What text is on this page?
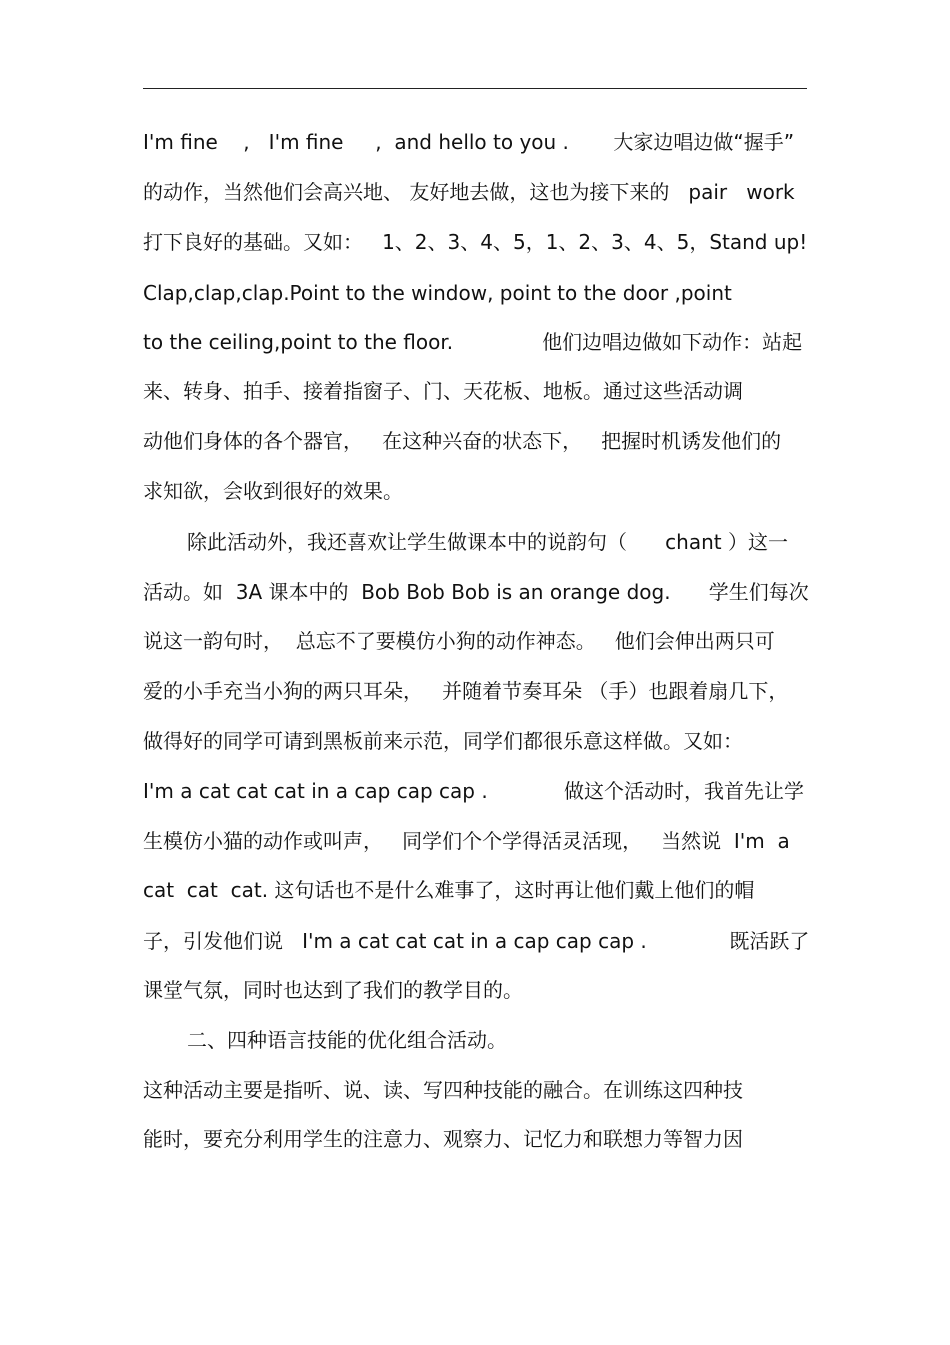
I'm fine    ,   I'm fine     ,  and hello to you .       大家边唱边做“握手”
的动作，当然他们会高兴地、 友好地去做，这也为接下来的   pair   work
打下良好的基础。又如：   1、2、3、4、5，1、2、3、4、5，Stand up!
Clap,clap,clap.Point to the window, point to the door ,point
to the ceiling,point to the floor.              他们边唱边做如下动作：站起
来、转身、拍手、接着指窗子、门、天花板、地板。通过这些活动调
动他们身体的各个器官，   在这种兴奋的状态下，   把握时机诱发他们的
求知欲，会收到很好的效果。
除此活动外，我还喜欢让学生做课本中的说韵句（      chant ）这一
活动。如  3A 课本中的  Bob Bob Bob is an orange dog.      学生们每次
说这一韵句时，  总忘不了要模仿小狗的动作神态。   他们会伸出两只可
爱的小手充当小狗的两只耳朵，   并随着节奏耳朵 （手）也跟着扇几下，
做得好的同学可请到黑板前来示范，同学们都很乐意这样做。又如：
I'm a cat cat cat in a cap cap cap .            做这个活动时，我首先让学
生模仿小猫的动作或叫声，   同学们个个学得活灵活现，   当然说  I'm  a
cat  cat  cat. 这句话也不是什么难事了，这时再让他们戴上他们的帽
子，引发他们说   I'm a cat cat cat in a cap cap cap .             既活跃了
课堂气氛，同时也达到了我们的教学目的。
二、四种语言技能的优化组合活动。
这种活动主要是指听、说、读、写四种技能的融合。在训练这四种技
能时，要充分利用学生的注意力、观察力、记忆力和联想力等智力因
